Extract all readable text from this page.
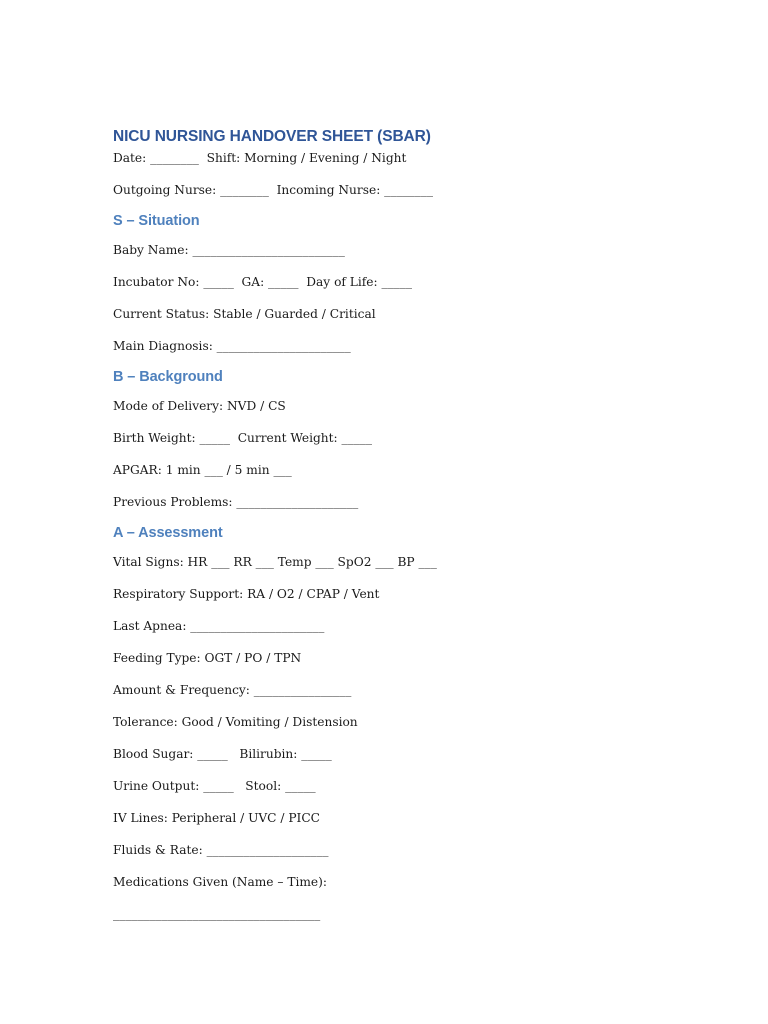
NICU NURSING HANDOVER SHEET (SBAR)

Date: ________  Shift: Morning / Evening / Night

Outgoing Nurse: ________  Incoming Nurse: ________

S – Situation

Baby Name: _________________________

Incubator No: _____  GA: _____  Day of Life: _____

Current Status: Stable / Guarded / Critical

Main Diagnosis: ______________________

B – Background

Mode of Delivery: NVD / CS

Birth Weight: _____  Current Weight: _____

APGAR: 1 min ___ / 5 min ___

Previous Problems: ____________________

A – Assessment

Vital Signs: HR ___ RR ___ Temp ___ SpO2 ___ BP ___

Respiratory Support: RA / O2 / CPAP / Vent

Last Apnea: ______________________

Feeding Type: OGT / PO / TPN

Amount & Frequency: ________________

Tolerance: Good / Vomiting / Distension

Blood Sugar: _____   Bilirubin: _____

Urine Output: _____   Stool: _____

IV Lines: Peripheral / UVC / PICC

Fluids & Rate: ____________________

Medications Given (Name – Time):

__________________________________
